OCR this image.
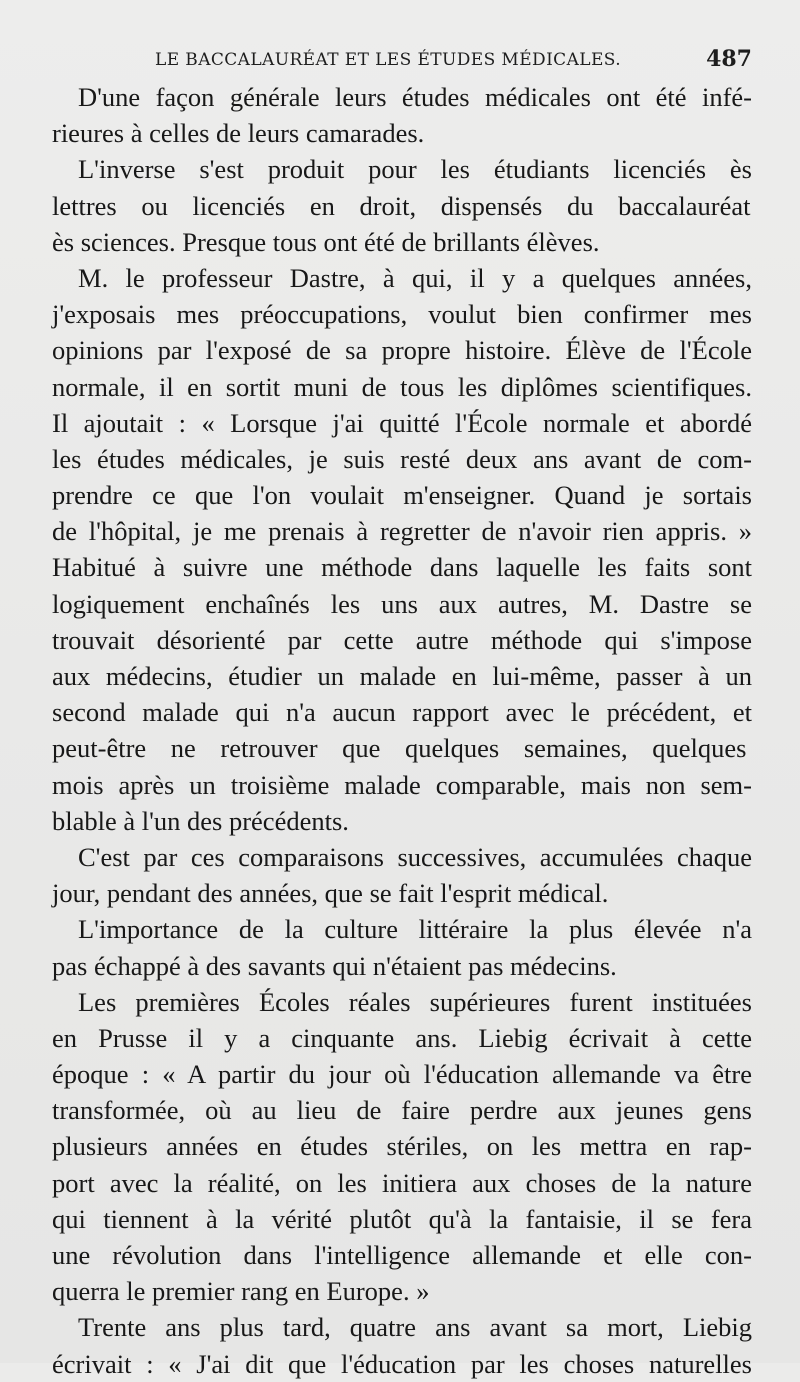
LE BACCALAURÉAT ET LES ÉTUDES MÉDICALES.	487
D'une façon générale leurs études médicales ont été infé-
rieures à celles de leurs camarades.
L'inverse s'est produit pour les étudiants licenciés ès
lettres ou licenciés en droit, dispensés du baccalauréat
ès sciences. Presque tous ont été de brillants élèves.
M. le professeur Dastre, à qui, il y a quelques années,
j'exposais mes préoccupations, voulut bien confirmer mes
opinions par l'exposé de sa propre histoire. Élève de l'École
normale, il en sortit muni de tous les diplômes scientifiques.
Il ajoutait : « Lorsque j'ai quitté l'École normale et abordé
les études médicales, je suis resté deux ans avant de com-
prendre ce que l'on voulait m'enseigner. Quand je sortais
de l'hôpital, je me prenais à regretter de n'avoir rien appris. »
Habitué à suivre une méthode dans laquelle les faits sont
logiquement enchaînés les uns aux autres, M. Dastre se
trouvait désorienté par cette autre méthode qui s'impose
aux médecins, étudier un malade en lui-même, passer à un
second malade qui n'a aucun rapport avec le précédent, et
peut-être ne retrouver que quelques semaines, quelques
mois après un troisième malade comparable, mais non sem-
blable à l'un des précédents.
C'est par ces comparaisons successives, accumulées chaque
jour, pendant des années, que se fait l'esprit médical.
L'importance de la culture littéraire la plus élevée n'a
pas échappé à des savants qui n'étaient pas médecins.
Les premières Écoles réales supérieures furent instituées
en Prusse il y a cinquante ans. Liebig écrivait à cette
époque : « A partir du jour où l'éducation allemande va être
transformée, où au lieu de faire perdre aux jeunes gens
plusieurs années en études stériles, on les mettra en rap-
port avec la réalité, on les initiera aux choses de la nature
qui tiennent à la vérité plutôt qu'à la fantaisie, il se fera
une révolution dans l'intelligence allemande et elle con-
querra le premier rang en Europe. »
Trente ans plus tard, quatre ans avant sa mort, Liebig
écrivait : « J'ai dit que l'éducation par les choses naturelles
